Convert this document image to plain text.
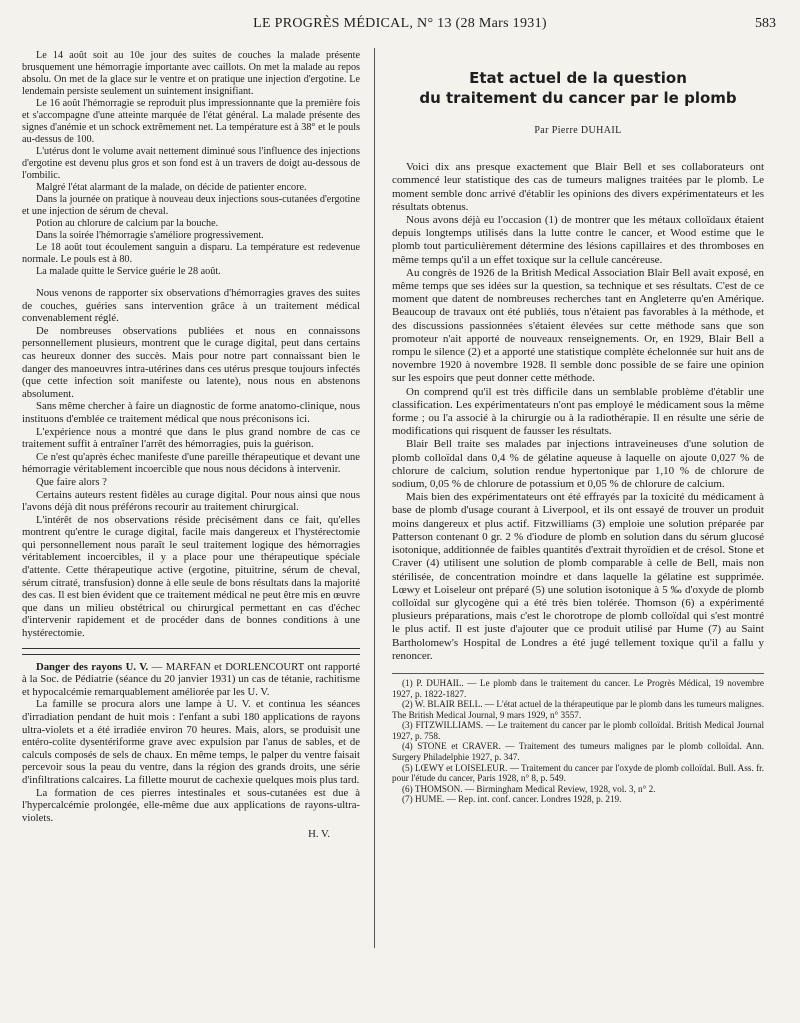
LE PROGRÈS MÉDICAL, N° 13 (28 Mars 1931)	583

Le 14 août soit au 10e jour des suites de couches la malade présente brusquement une hémorragie importante avec caillots. On met la malade au repos absolu. On met de la glace sur le ventre et on pratique une injection d'ergotine. Le lendemain persiste seulement un suintement insignifiant.

Le 16 août l'hémorragie se reproduit plus impressionnante que la première fois et s'accompagne d'une atteinte marquée de l'état général. La malade présente des signes d'anémie et un schock extrêmement net. La température est à 38° et le pouls au-dessus de 100.

L'utérus dont le volume avait nettement diminué sous l'influence des injections d'ergotine est devenu plus gros et son fond est à un travers de doigt au-dessous de l'ombilic.

Malgré l'état alarmant de la malade, on décide de patienter encore.

Dans la journée on pratique à nouveau deux injections sous-cutanées d'ergotine et une injection de sérum de cheval.

Potion au chlorure de calcium par la bouche.

Dans la soirée l'hémorragie s'améliore progressivement.

Le 18 août tout écoulement sanguin a disparu. La température est redevenue normale. Le pouls est à 80.

La malade quitte le Service guérie le 28 août.

Nous venons de rapporter six observations d'hémorragies graves des suites de couches, guéries sans intervention grâce à un traitement médical convenablement réglé.

De nombreuses observations publiées et nous en connaissons personnellement plusieurs, montrent que le curage digital, peut dans certains cas heureux donner des succès. Mais pour notre part connaissant bien le danger des manoeuvres intra-utérines dans ces utérus presque toujours infectés (que cette infection soit manifeste ou latente), nous nous en abstenons absolument.

Sans même chercher à faire un diagnostic de forme anatomo-clinique, nous instituons d'emblée ce traitement médical que nous préconisons ici.

L'expérience nous a montré que dans le plus grand nombre de cas ce traitement suffit à entraîner l'arrêt des hémorragies, puis la guérison.

Ce n'est qu'après échec manifeste d'une pareille thérapeutique et devant une hémorragie véritablement incoercible que nous nous décidons à intervenir.

Que faire alors ?

Certains auteurs restent fidèles au curage digital. Pour nous ainsi que nous l'avons déjà dit nous préférons recourir au traitement chirurgical.

L'intérêt de nos observations réside précisément dans ce fait, qu'elles montrent qu'entre le curage digital, facile mais dangereux et l'hystérectomie qui personnellement nous paraît le seul traitement logique des hémorragies véritablement incoercibles, il y a place pour une thérapeutique spéciale d'attente. Cette thérapeutique active (ergotine, pituitrine, sérum de cheval, sérum citraté, transfusion) donne à elle seule de bons résultats dans la majorité des cas. Il est bien évident que ce traitement médical ne peut être mis en œuvre que dans un milieu obstétrical ou chirurgical permettant en cas d'échec d'intervenir rapidement et de procéder dans de bonnes conditions à une hystérectomie.

Danger des rayons U. V. — MARFAN et DORLENCOURT ont rapporté à la Soc. de Pédiatrie (séance du 20 janvier 1931) un cas de tétanie, rachitisme et hypocalcémie remarquablement améliorée par les U. V.

La famille se procura alors une lampe à U. V. et continua les séances d'irradiation pendant de huit mois : l'enfant a subi 180 applications de rayons ultra-violets et a été irradiée environ 70 heures. Mais, alors, se produisit une entéro-colite dysentériforme grave avec expulsion par l'anus de sables, et de calculs composés de sels de chaux. En même temps, le palper du ventre faisait percevoir sous la peau du ventre, dans la région des grands droits, une série d'infiltrations calcaires. La fillette mourut de cachexie quelques mois plus tard.

La formation de ces pierres intestinales et sous-cutanées est due à l'hypercalcémie prolongée, elle-même due aux applications de rayons-ultra-violets.

H. V.
Etat actuel de la question
du traitement du cancer par le plomb
Par Pierre DUHAIL

Voici dix ans presque exactement que Blair Bell et ses collaborateurs ont commencé leur statistique des cas de tumeurs malignes traitées par le plomb. Le moment semble donc arrivé d'établir les opinions des divers expérimentateurs et les résultats obtenus.

Nous avons déjà eu l'occasion (1) de montrer que les métaux colloïdaux étaient depuis longtemps utilisés dans la lutte contre le cancer, et Wood estime que le plomb tout particulièrement détermine des lésions capillaires et des thromboses en même temps qu'il a un effet toxique sur la cellule cancéreuse.

Au congrès de 1926 de la British Medical Association Blair Bell avait exposé, en même temps que ses idées sur la question, sa technique et ses résultats. C'est de ce moment que datent de nombreuses recherches tant en Angleterre qu'en Amérique. Beaucoup de travaux ont été publiés, tous n'étaient pas favorables à la méthode, et des discussions passionnées s'étaient élevées sur cette méthode sans que son promoteur n'ait apporté de nouveaux renseignements. Or, en 1929, Blair Bell a rompu le silence (2) et a apporté une statistique complète échelonnée sur huit ans de novembre 1920 à novembre 1928. Il semble donc possible de se faire une opinion sur les espoirs que peut donner cette méthode.

On comprend qu'il est très difficile dans un semblable problème d'établir une classification. Les expérimentateurs n'ont pas employé le médicament sous la même forme ; ou l'a associé à la chirurgie ou à la radiothérapie. Il en résulte une série de modifications qui risquent de fausser les résultats.

Blair Bell traite ses malades par injections intraveineuses d'une solution de plomb colloïdal dans 0,4 % de gélatine aqueuse à laquelle on ajoute 0,027 % de chlorure de calcium, solution rendue hypertonique par 1,10 % de chlorure de sodium, 0,05 % de chlorure de potassium et 0,05 % de chlorure de calcium.

Mais bien des expérimentateurs ont été effrayés par la toxicité du médicament à base de plomb d'usage courant à Liverpool, et ils ont essayé de trouver un produit moins dangereux et plus actif. Fitzwilliams (3) emploie une solution préparée par Patterson contenant 0 gr. 2 % d'iodure de plomb en solution dans du sérum glucosé isotonique, additionnée de faibles quantités d'extrait thyroïdien et de crésol. Stone et Craver (4) utilisent une solution de plomb comparable à celle de Bell, mais non stérilisée, de concentration moindre et dans laquelle la gélatine est supprimée. Lœwy et Loiseleur ont préparé (5) une solution isotonique à 5 ‰ d'oxyde de plomb colloïdal sur glycogène qui a été très bien tolérée. Thomson (6) a expérimenté plusieurs préparations, mais c'est le chorotrope de plomb colloïdal qui s'est montré le plus actif. Il est juste d'ajouter que ce produit utilisé par Hume (7) au Saint Bartholomew's Hospital de Londres a été jugé tellement toxique qu'il a fallu y renoncer.

(1) P. DUHAIL. — Le plomb dans le traitement du cancer. Le Progrès Médical, 19 novembre 1927, p. 1822-1827.

(2) W. BLAIR BELL. — L'état actuel de la thérapeutique par le plomb dans les tumeurs malignes. The British Medical Journal, 9 mars 1929, n° 3557.

(3) FITZWILLIAMS. — Le traitement du cancer par le plomb colloïdal. British Medical Journal 1927, p. 758.

(4) STONE et CRAVER. — Traitement des tumeurs malignes par le plomb colloïdal. Ann. Surgery Philadelphie 1927, p. 347.

(5) LŒWY et LOISELEUR. — Traitement du cancer par l'oxyde de plomb colloïdal. Bull. Ass. fr. pour l'étude du cancer, Paris 1928, n° 8, p. 549.

(6) THOMSON. — Birmingham Medical Review, 1928, vol. 3, n° 2.

(7) HUME. — Rep. int. conf. cancer. Londres 1928, p. 219.
